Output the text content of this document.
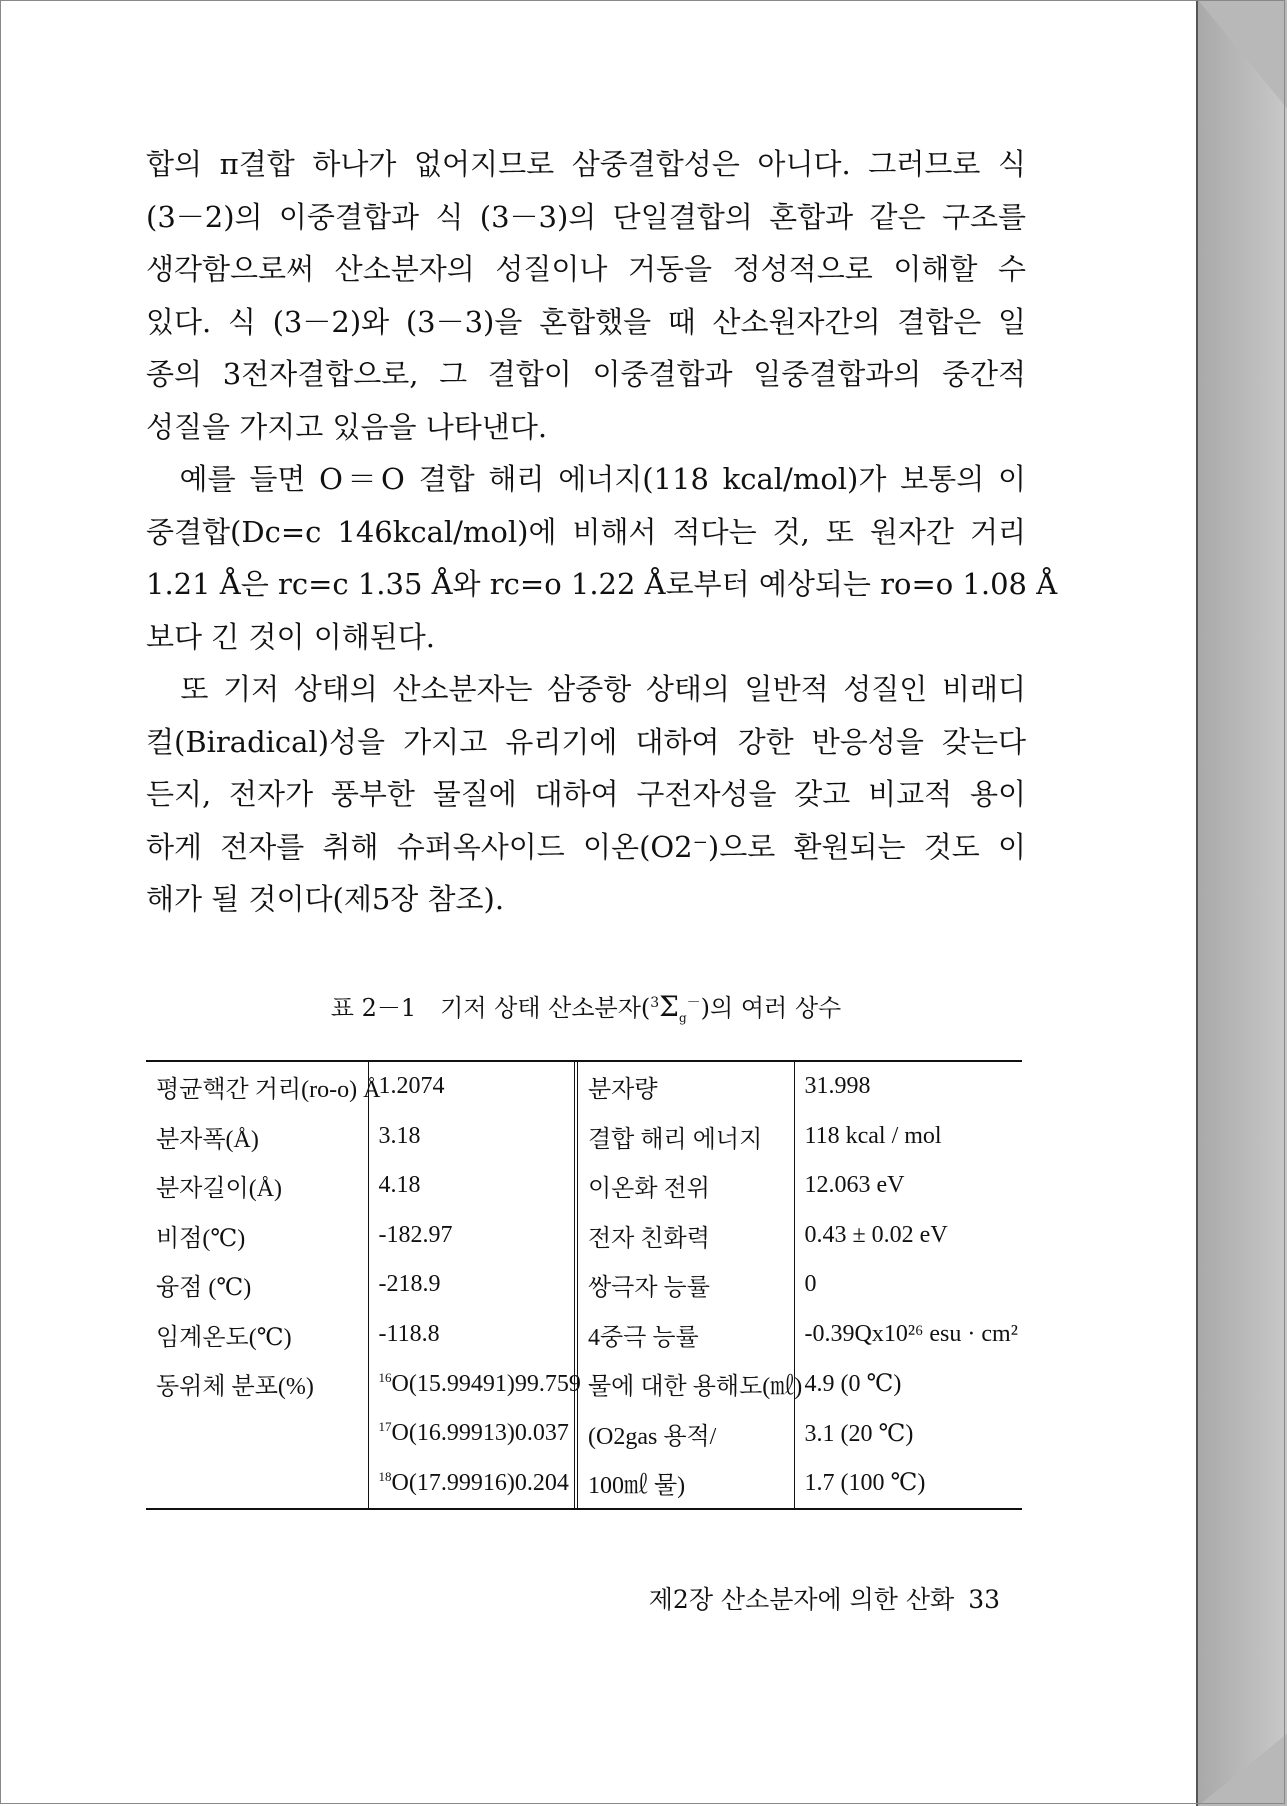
합의 π결합 하나가 없어지므로 삼중결합성은 아니다. 그러므로 식
(3－2)의 이중결합과 식 (3－3)의 단일결합의 혼합과 같은 구조를
생각함으로써 산소분자의 성질이나 거동을 정성적으로 이해할 수
있다. 식 (3－2)와 (3－3)을 혼합했을 때 산소원자간의 결합은 일
종의 3전자결합으로, 그 결합이 이중결합과 일중결합과의 중간적
성질을 가지고 있음을 나타낸다.
　예를 들면 O＝O 결합 해리 에너지(118 kcal/mol)가 보통의 이
중결합(Dc=c 146kcal/mol)에 비해서 적다는 것, 또 원자간 거리
1.21 Å은 rc=c 1.35 Å와 rc=o 1.22 Å로부터 예상되는 ro=o 1.08 Å
보다 긴 것이 이해된다.
　또 기저 상태의 산소분자는 삼중항 상태의 일반적 성질인 비래디
컬(Biradical)성을 가지고 유리기에 대하여 강한 반응성을 갖는다
든지, 전자가 풍부한 물질에 대하여 구전자성을 갖고 비교적 용이
하게 전자를 취해 슈퍼옥사이드 이온(O2⁻)으로 환원되는 것도 이
해가 될 것이다(제5장 참조).
표 2－1　기저 상태 산소분자$(^3\Sigma_g^-)$의 여러 상수
평균핵간 거리(ro-o) Å	1.2074	분자량	31.998
분자폭(Å)	3.18	결합 해리 에너지	118 kcal / mol
분자길이(Å)	4.18	이온화 전위	12.063 eV
비점(℃)	-182.97	전자 친화력	0.43 ± 0.02 eV
융점 (℃)	-218.9	쌍극자 능률	0
임계온도(℃)	-118.8	4중극 능률	-0.39Qx10²⁶ esu · cm²
동위체 분포(%)	$^{16}$O(15.99491)99.759	물에 대한 용해도(㎖)	4.9 (0 ℃)
	$^{17}$O(16.99913)0.037	(O2gas 용적/	3.1 (20 ℃)
	$^{18}$O(17.99916)0.204	100㎖ 물)	1.7 (100 ℃)
제2장 산소분자에 의한 산화 33
